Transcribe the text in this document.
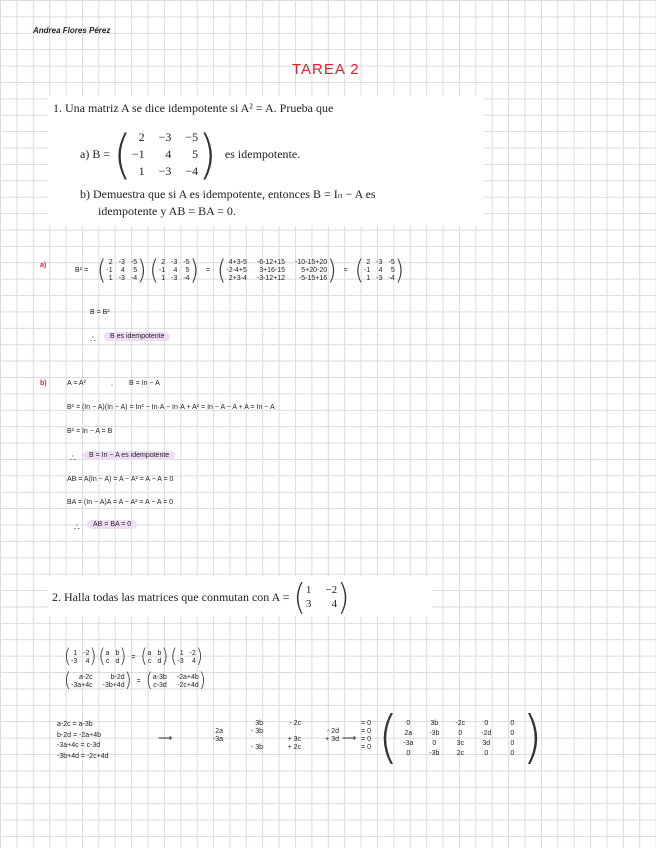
Andrea Flores Pérez
TAREA 2
1. Una matriz A se dice idempotente si A² = A. Prueba que
a) B = ( 2 −3 −5
−1	4	5
1 −3 −4 ) es idempotente.
b) Demuestra que si A es idempotente, entonces B = Iₙ − A es
idempotente y AB = BA = 0.
a)
B² = ( 2 -3 -5
-1	4	5
1 -3 -4 ) ( 2 -3 -5
-1	4	5
1 -3 -4 ) = ( 4+3-5 -6-12+15 -10-15+20
-2-4+5	3+16-15	5+20-20
2+3-4 -3-12+12	-5-15+16 ) = ( 2 -3 -5
-1	4	5
1 -3 -4 )
B = B²
∴	B es idempotente
b)	A = A²	, B = In − A
B² = (In − A)(In − A) = In² − In·A − In·A + A² = In − A − A + A = In − A
B² = In − A = B
∴	B = In − A es idempotente
AB = A(In − A) = A − A² = A − A = 0
BA = (In − A)A = A − A² = A − A = 0
∴	AB = BA = 0
2. Halla todas las matrices que conmutan con A = ( 1 −2
3	4 )
( 1 -2
-3	4 ) ( a b
c d ) = ( a b
c d ) ( 1 -2
-3	4 )
(	a-2c	b-2d
-3a+4c -3b+4d ) = ( a-3b -2a+4b
c-3d -2c+4d )
a-2c = a-3b
b-2d = -2a+4b
-3a+4c = c-3d
-3b+4d = -2c+4d
⟶
3b	- 2c	= 0
2a	- 3b	- 2d	= 0
-3a	+ 3c	+ 3d	= 0
- 3b	+ 2c	= 0
⟶ (	0	3b	-2c	0	0
2a	-3b	0	-2d	0
-3a	0	3c	3d	0
0	-3b	2c	0	0 )
